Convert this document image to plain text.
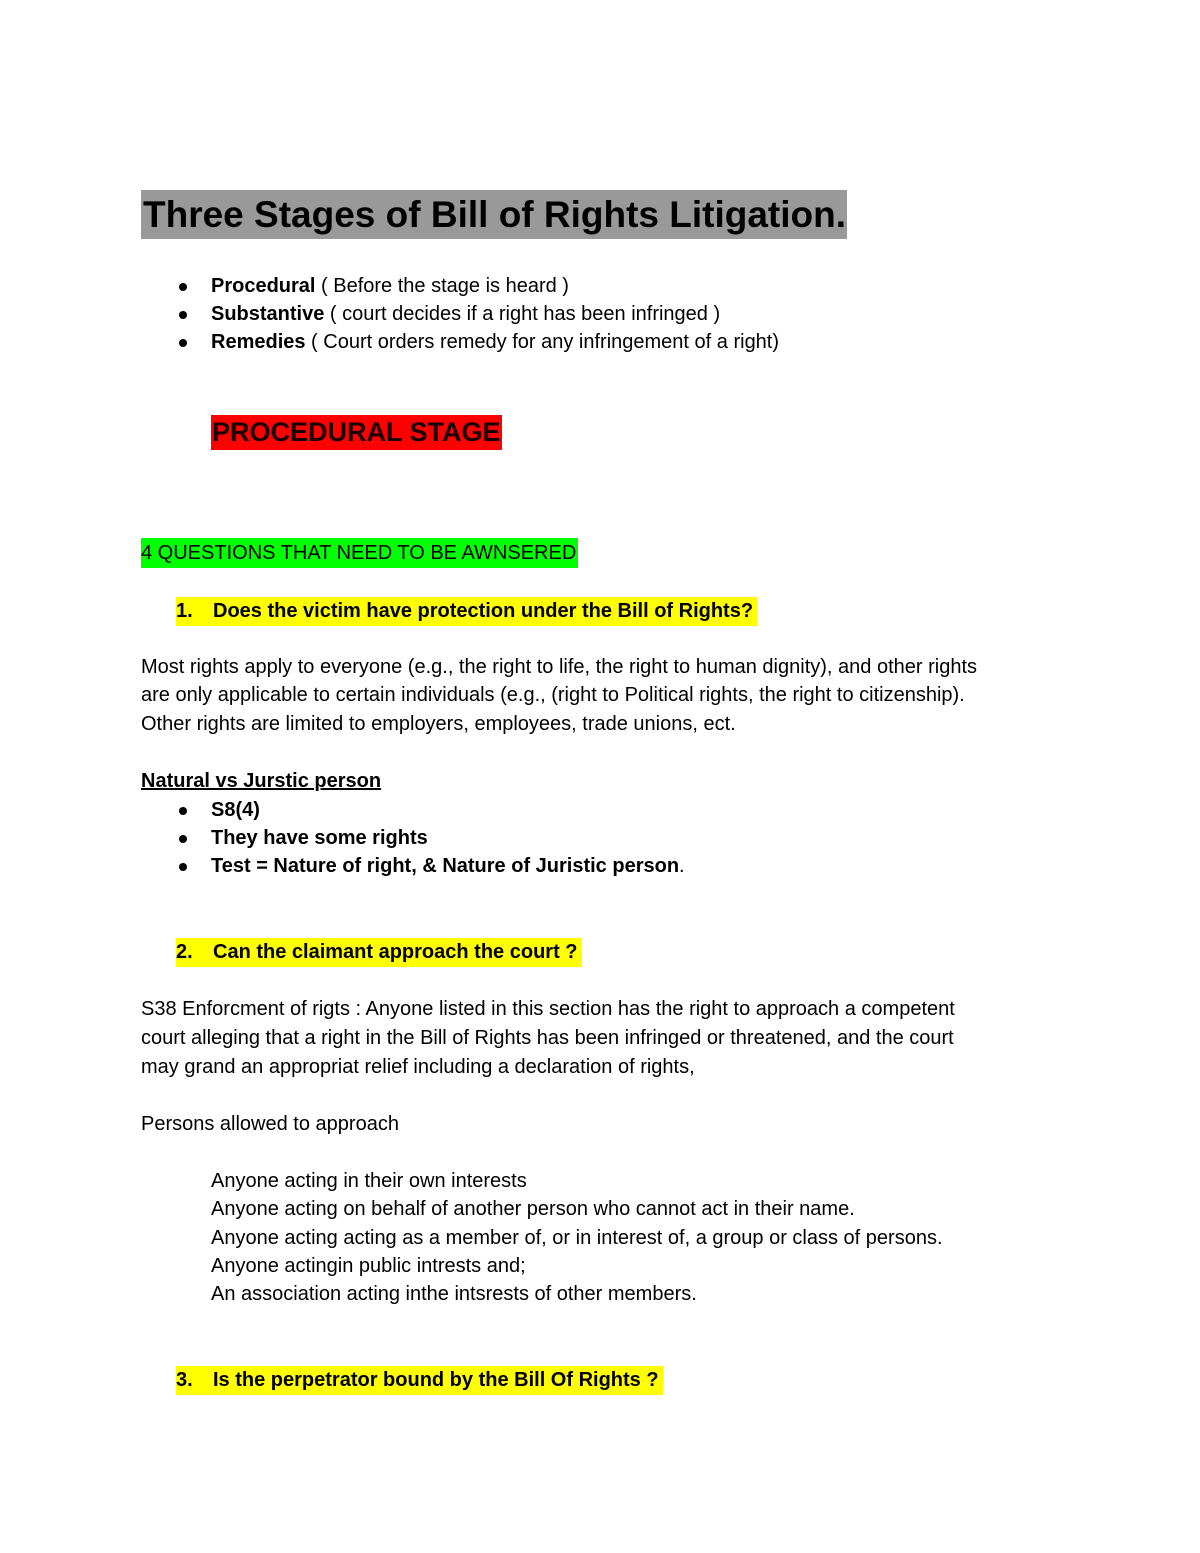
Three Stages of Bill of Rights Litigation.
Procedural ( Before the stage is heard )
Substantive ( court decides if a right has been infringed )
Remedies ( Court orders remedy for any infringement of a right)
PROCEDURAL STAGE
4 QUESTIONS THAT NEED TO BE AWNSERED
1. Does the victim have protection under the Bill of Rights?
Most rights apply to everyone (e.g., the right to life, the right to human dignity), and other rights
are only applicable to certain individuals (e.g., (right to Political rights, the right to citizenship).
Other rights are limited to employers, employees, trade unions, ect.
Natural vs Jurstic person
S8(4)
They have some rights
Test = Nature of right, & Nature of Juristic person.
2. Can the claimant approach the court ?
S38 Enforcment of rigts : Anyone listed in this section has the right to approach a competent
court alleging that a right in the Bill of Rights has been infringed or threatened, and the court
may grand an appropriat relief including a declaration of rights,
Persons allowed to approach
Anyone acting in their own interests
Anyone acting on behalf of another person who cannot act in their name.
Anyone acting acting as a member of, or in interest of, a group or class of persons.
Anyone actingin public intrests and;
An association acting inthe intsrests of other members.
3. Is the perpetrator bound by the Bill Of Rights ?
